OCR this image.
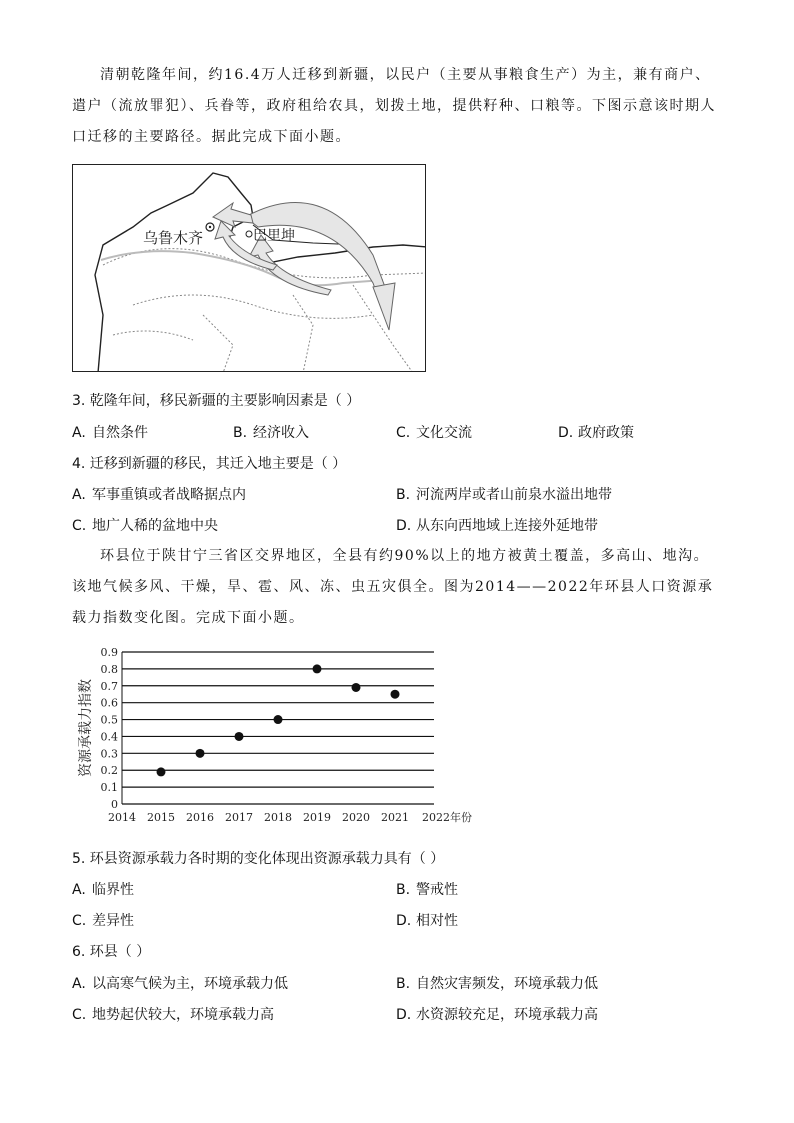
清朝乾隆年间，约16.4万人迁移到新疆，以民户（主要从事粮食生产）为主，兼有商户、遣户（流放罪犯）、兵眷等，政府租给农具，划拨土地，提供籽种、口粮等。下图示意该时期人口迁移的主要路径。据此完成下面小题。
乌鲁木齐	巴里坤

3. 乾隆年间，移民新疆的主要影响因素是（ ）

A. 自然条件	B. 经济收入	C. 文化交流	D. 政府政策

4. 迁移到新疆的移民，其迁入地主要是（ ）

A. 军事重镇或者战略据点内	B. 河流两岸或者山前泉水溢出地带

C. 地广人稀的盆地中央	D. 从东向西地域上连接外延地带

环县位于陕甘宁三省区交界地区，全县有约90%以上的地方被黄土覆盖，多高山、地沟。该地气候多风、干燥，旱、雹、风、冻、虫五灾俱全。图为2014——2022年环县人口资源承载力指数变化图。完成下面小题。
0
0.1
0.2
0.3
0.4
0.5
0.6
0.7
0.8
0.9
2014 2015 2016 2017 2018 2019 2020 2021 2022年份
资源承载力指数

5. 环县资源承载力各时期的变化体现出资源承载力具有（ ）

A. 临界性	B. 警戒性

C. 差异性	D. 相对性

6. 环县（ ）

A. 以高寒气候为主，环境承载力低	B. 自然灾害频发，环境承载力低

C. 地势起伏较大，环境承载力高	D. 水资源较充足，环境承载力高
